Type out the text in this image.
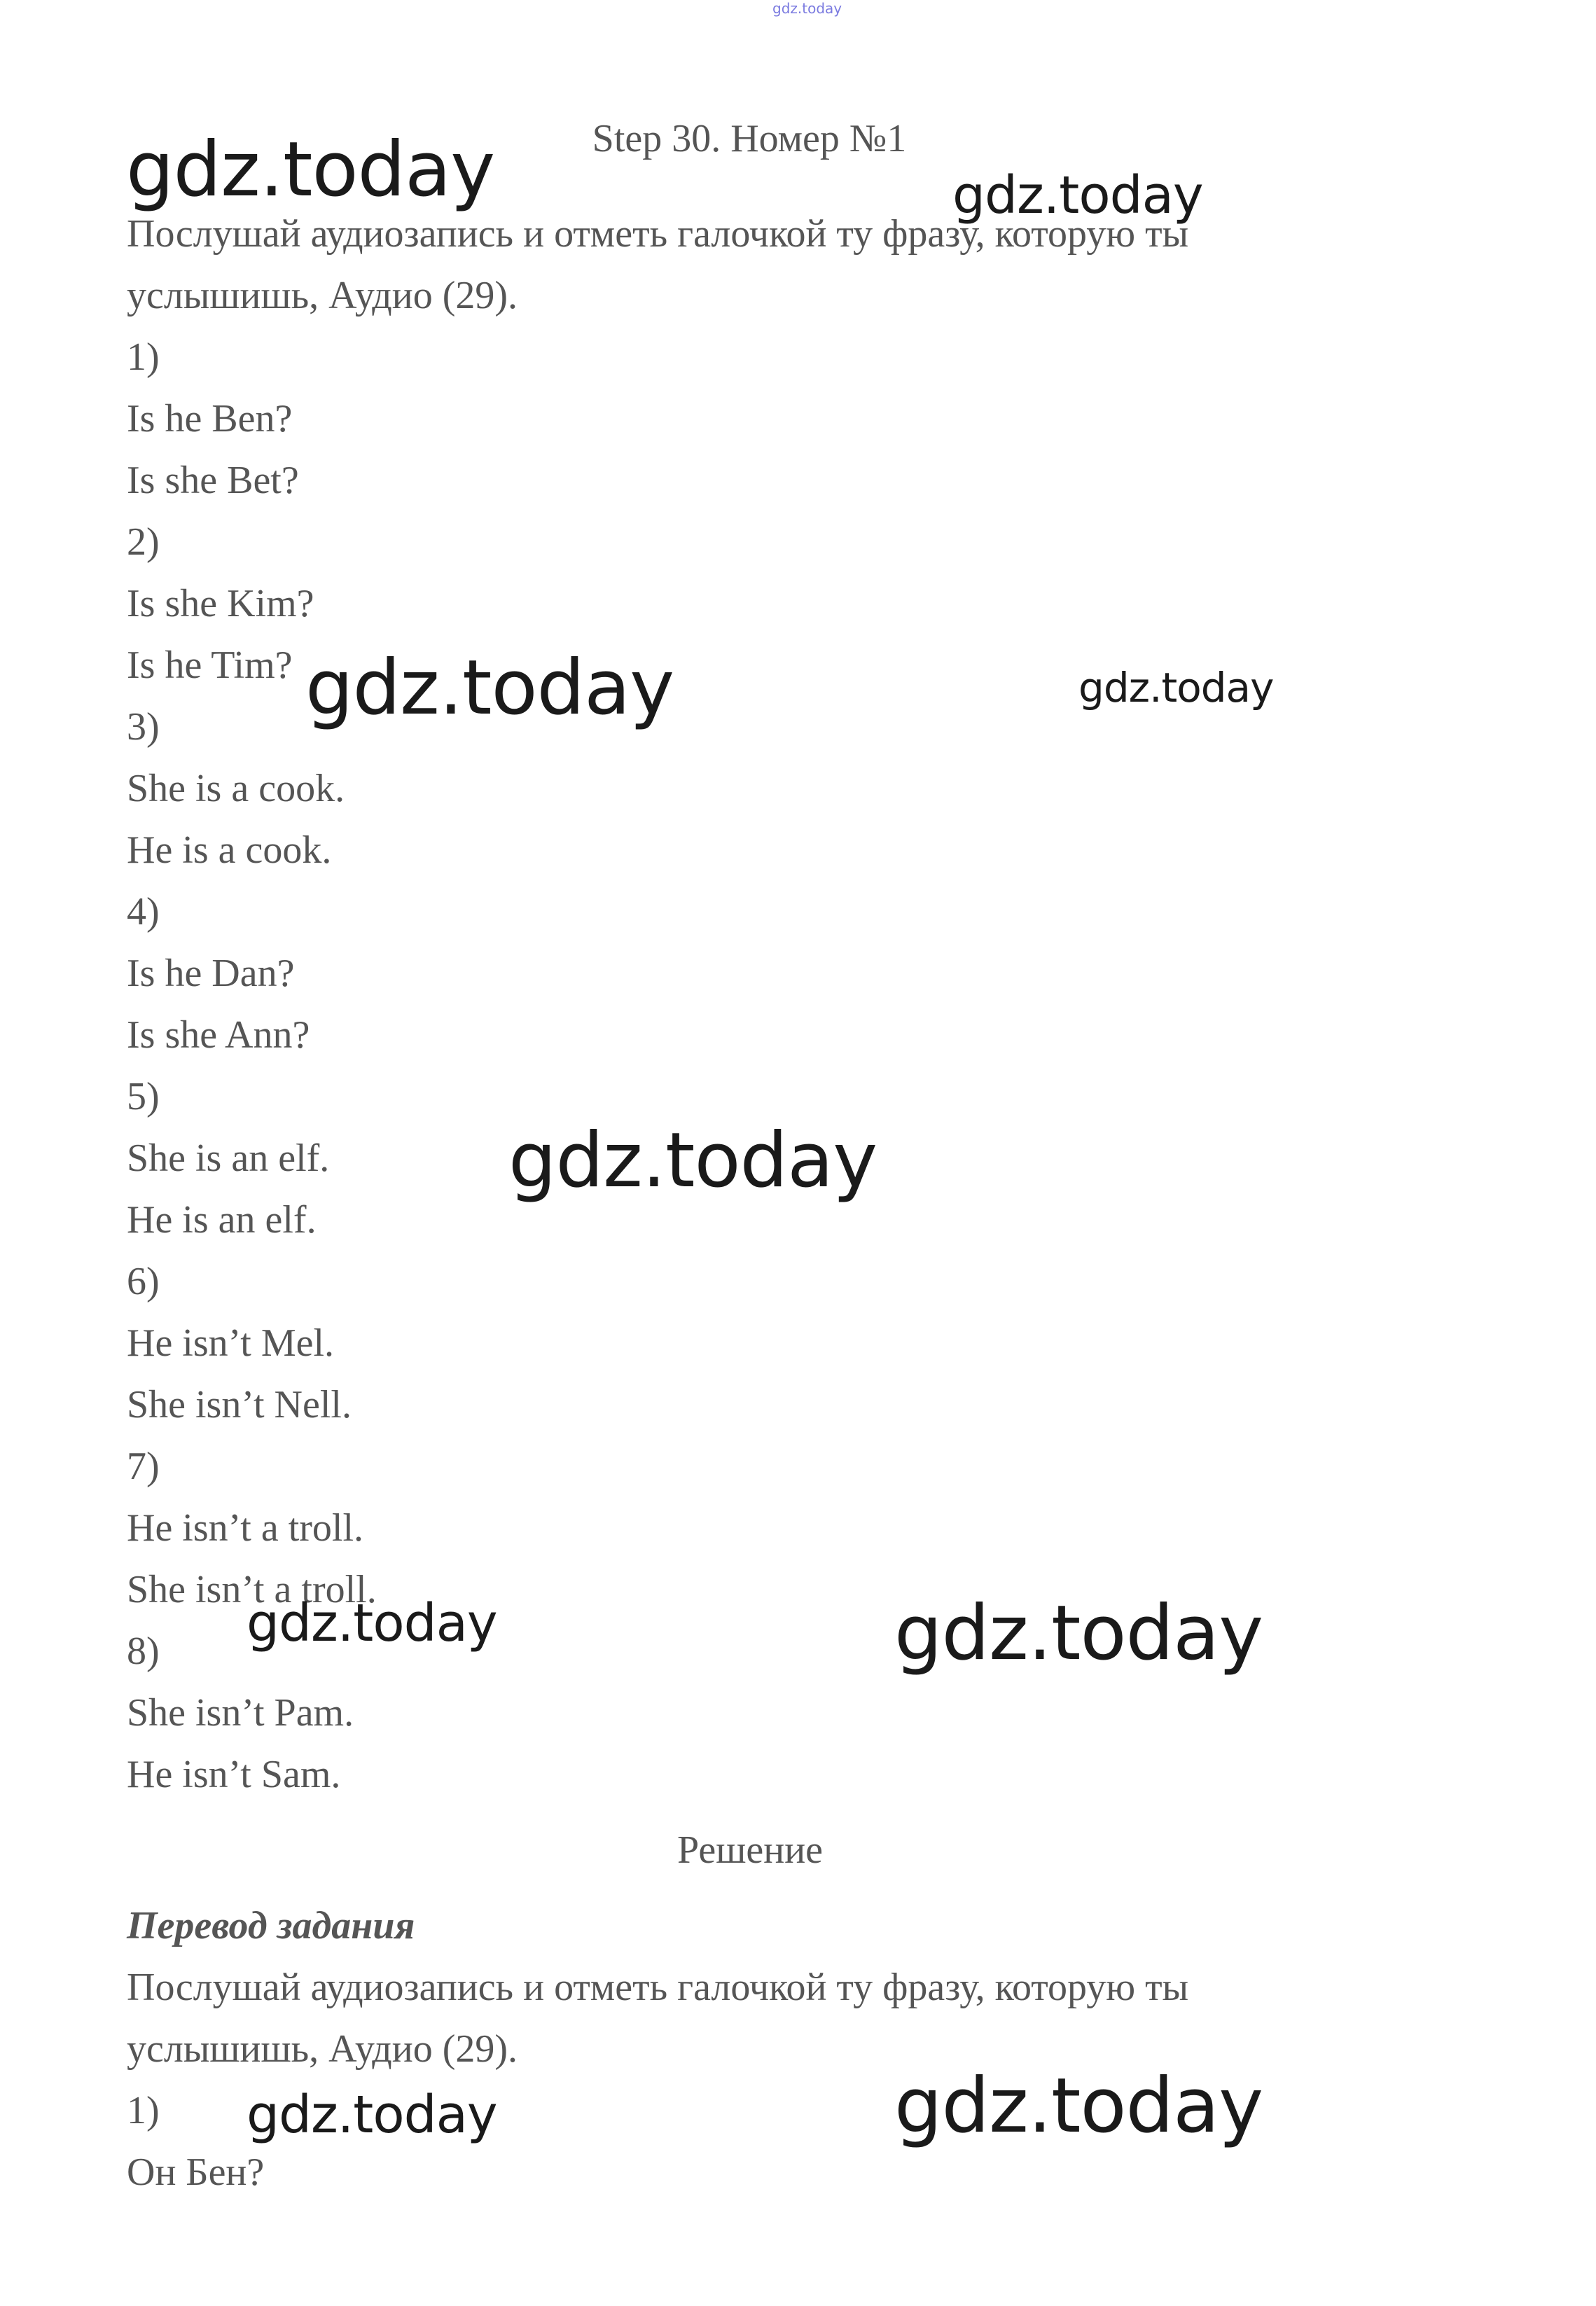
gdz.today
Step 30. Номер №1
Послушай аудиозапись и отметь галочкой ту фразу, которую ты
услышишь, Аудио (29).
1)
Is he Ben?
Is she Bet?
2)
Is she Kim?
Is he Tim?
3)
She is a cook.
He is a cook.
4)
Is he Dan?
Is she Ann?
5)
She is an elf.
He is an elf.
6)
He isn’t Mel.
She isn’t Nell.
7)
He isn’t a troll.
She isn’t a troll.
8)
She isn’t Pam.
He isn’t Sam.
Решение
Перевод задания
Послушай аудиозапись и отметь галочкой ту фразу, которую ты
услышишь, Аудио (29).
1)
Он Бен?
gdz.today	gdz.today
gdz.today	gdz.today
gdz.today
gdz.today	gdz.today
gdz.today	gdz.today
